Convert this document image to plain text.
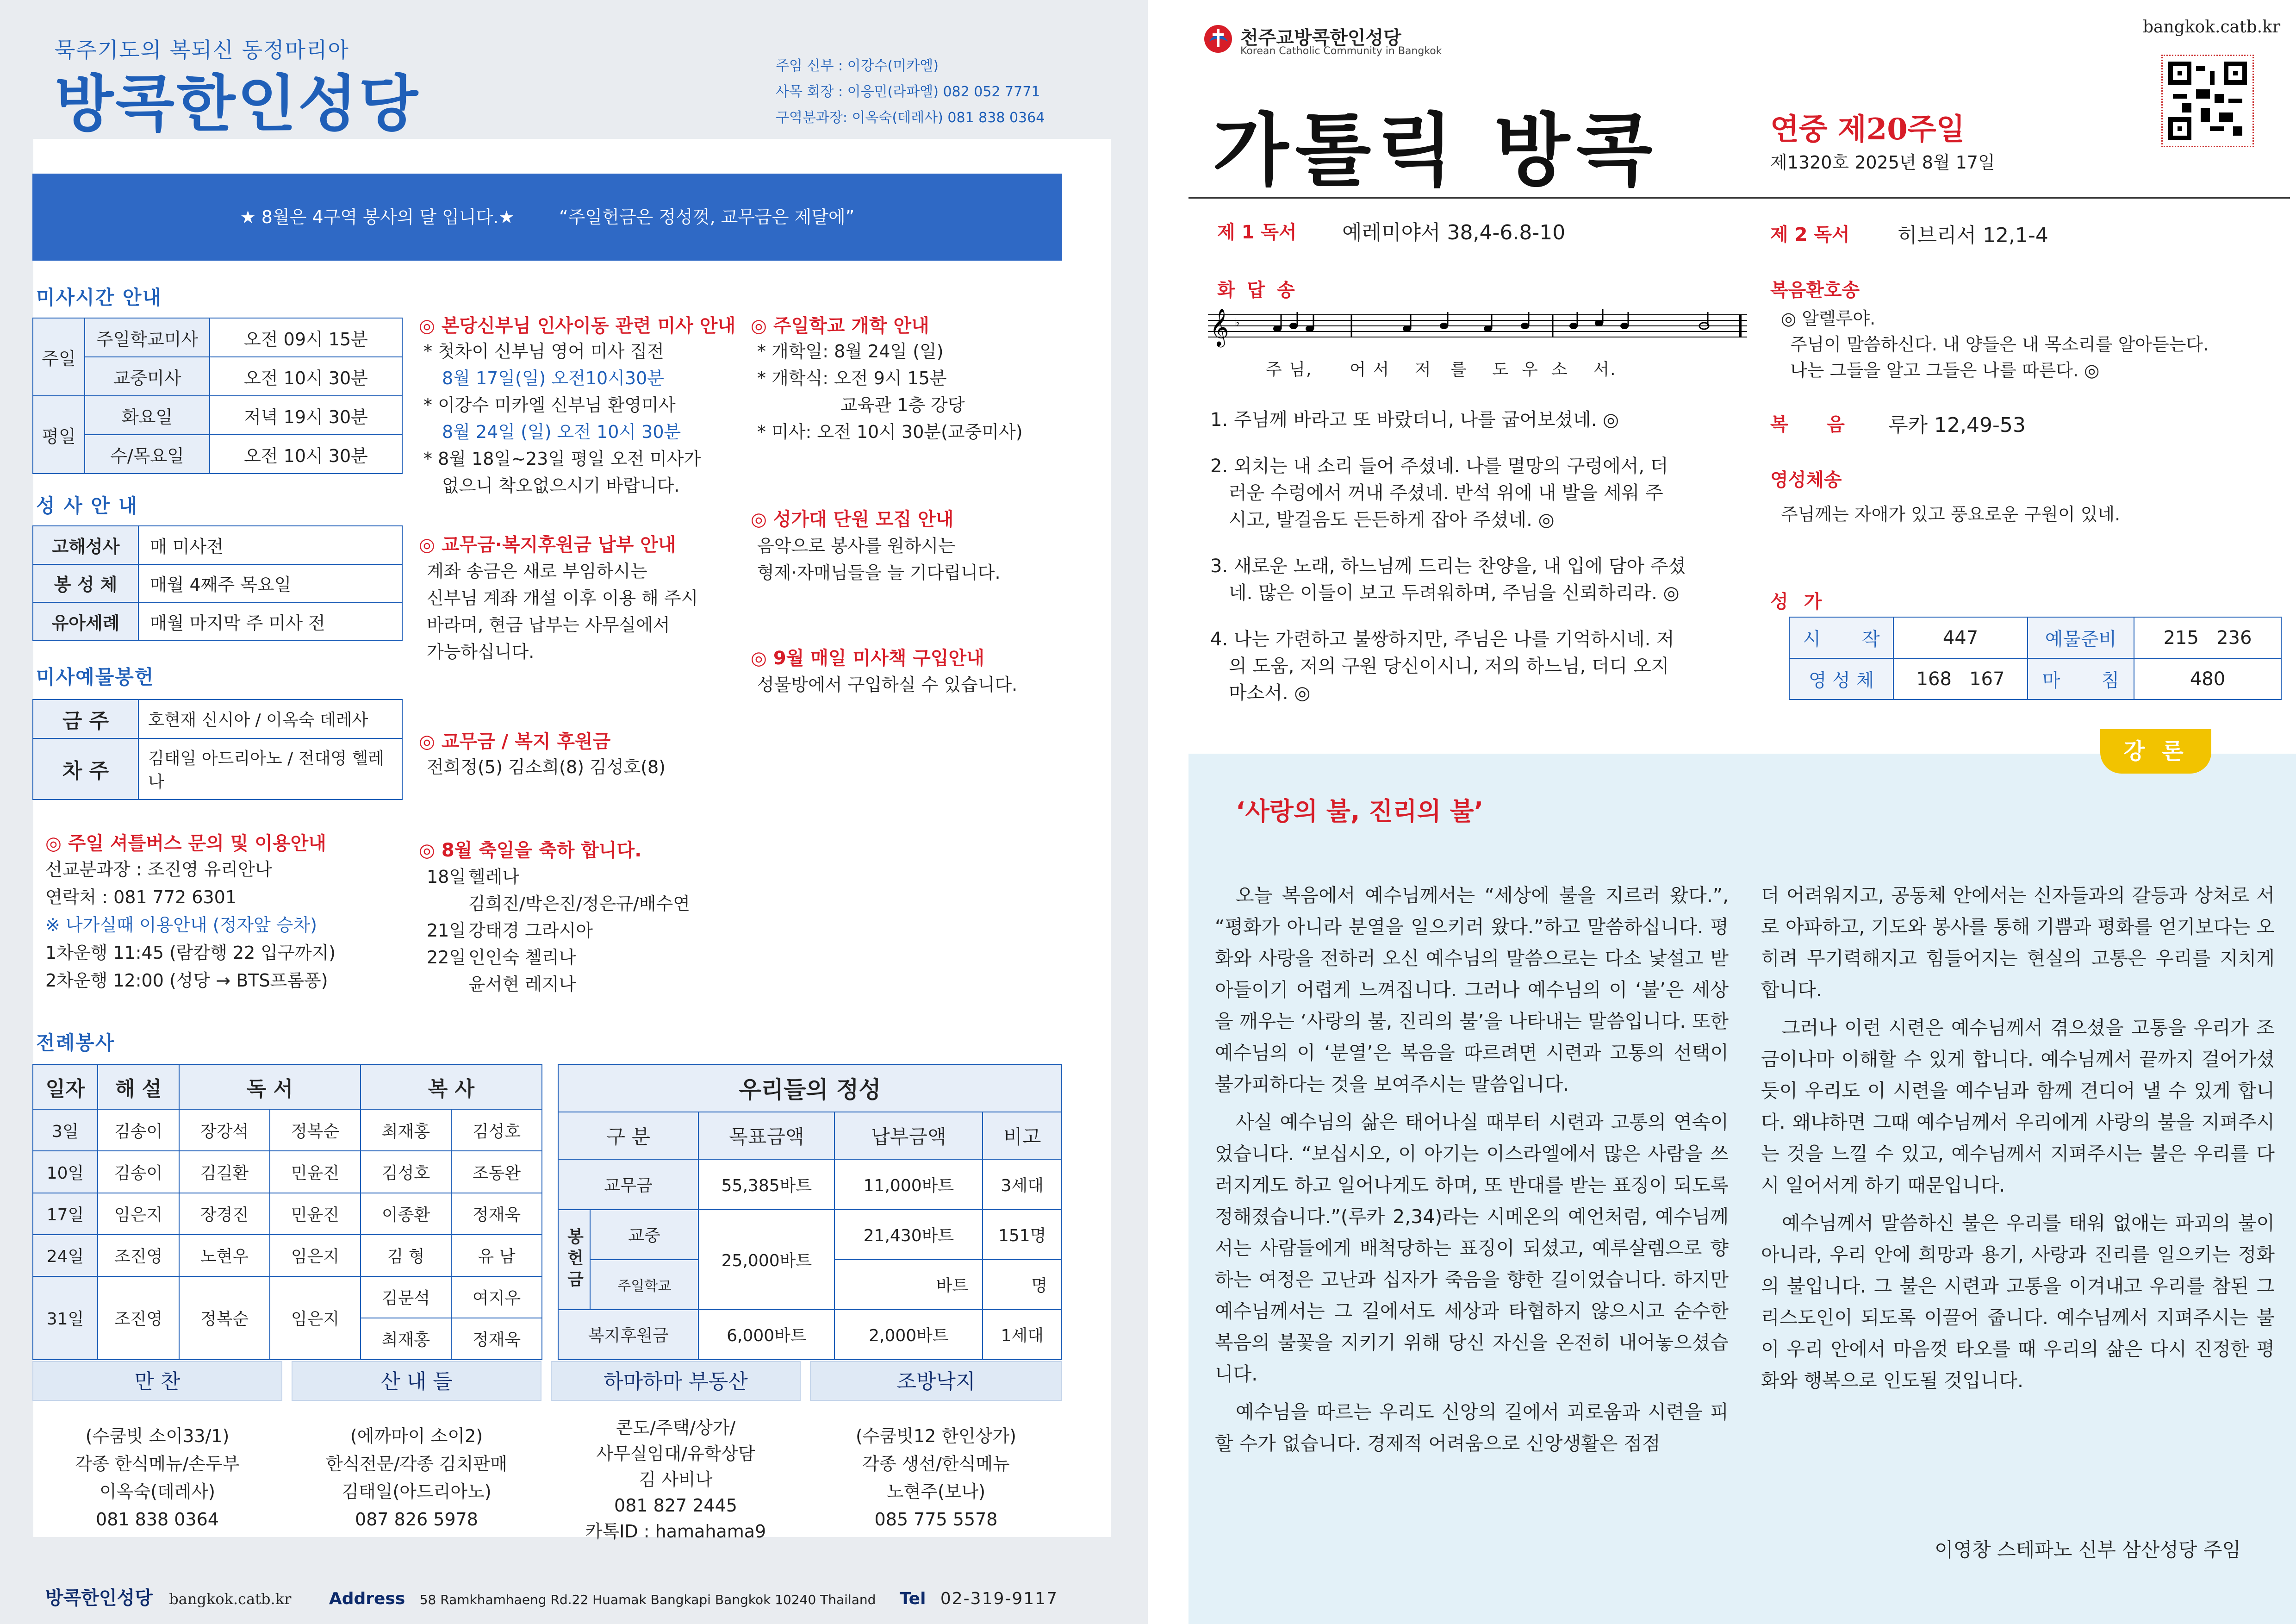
묵주기도의 복되신 동정마리아
방콕한인성당
주임 신부 : 이강수(미카엘)
사목 회장 : 이응민(라파엘) 082 052 7771
구역분과장: 이옥숙(데레사) 081 838 0364
★ 8월은 4구역 봉사의 달 입니다.★        “주일헌금은 정성껏, 교무금은 제달에”
미사시간 안내
주일	주일학교미사	오전 09시 15분
	교중미사	오전 10시 30분
평일	화요일	저녁 19시 30분
	수/목요일	오전 10시 30분
성 사 안 내
고해성사	매 미사전
봉 성 체	매월 4째주 목요일
유아세례	매월 마지막 주 미사 전
미사예물봉헌
금 주	호현재 신시아 / 이옥숙 데레사
차 주	김태일 아드리아노 / 전대영 헬레나
◎ 주일 셔틀버스 문의 및 이용안내
선교분과장 : 조진영 유리안나
연락처 : 081 772 6301
※ 나가실때 이용안내 (정자앞 승차)
1차운행 11:45 (람캄행 22 입구까지)
2차운행 12:00 (성당 → BTS프롬퐁)
◎ 본당신부님 인사이동 관련 미사 안내
* 첫차이 신부님 영어 미사 집전
8월 17일(일) 오전10시30분
* 이강수 미카엘 신부님 환영미사
8월 24일 (일) 오전 10시 30분
* 8월 18일~23일 평일 오전 미사가
없으니 착오없으시기 바랍니다.
◎ 교무금·복지후원금 납부 안내
계좌 송금은 새로 부임하시는
신부님 계좌 개설 이후 이용 해 주시
바라며, 현금 납부는 사무실에서
가능하십니다.
◎ 교무금 / 복지 후원금
전희정(5) 김소희(8) 김성호(8)
◎ 8월 축일을 축하 합니다.
18일 헬레나
김희진/박은진/정은규/배수연
21일 강태경 그라시아
22일 인인숙 첼리나
윤서현 레지나
◎ 주일학교 개학 안내
* 개학일: 8월 24일 (일)
* 개학식: 오전 9시 15분
교육관 1층 강당
* 미사: 오전 10시 30분(교중미사)
◎ 성가대 단원 모집 안내
음악으로 봉사를 원하시는
형제·자매님들을 늘 기다립니다.
◎ 9월 매일 미사책 구입안내
성물방에서 구입하실 수 있습니다.
전례봉사
일자	해 설	독 서		복 사	
3일	김송이	장강석	정복순	최재홍	김성호
10일	김송이	김길환	민윤진	김성호	조동완
17일	임은지	장경진	민윤진	이종환	정재욱
24일	조진영	노현우	임은지	김 형	유 남
31일	조진영	정복순	임은지	김문석	여지우
				최재홍	정재욱
우리들의 정성				
구 분		목표금액	납부금액	비고
교무금		55,385바트	11,000바트	3세대
봉헌금	교중	25,000바트	21,430바트	151명
	주일학교		바트	명
복지후원금		6,000바트	2,000바트	1세대
만 찬
(수쿰빗 소이33/1)
각종 한식메뉴/손두부
이옥숙(데레사)
081 838 0364
산 내 들
(에까마이 소이2)
한식전문/각종 김치판매
김태일(아드리아노)
087 826 5978
하마하마 부동산
콘도/주택/상가/
사무실임대/유학상담
김 사비나
081 827 2445
카톡ID : hamahama9
조방낙지
(수쿰빗12 한인상가)
각종 생선/한식메뉴
노현주(보나)
085 775 5578
방콕한인성당 bangkok.catb.kr Address 58 Ramkhamhaeng Rd.22 Huamak Bangkapi Bangkok 10240 Thailand Tel 02-319-9117
천주교방콕한인성당
Korean Catholic Community in Bangkok
bangkok.catb.kr
가톨릭 방콕	연중 제20주일
제1320호 2025년 8월 17일
제 1 독서 예레미야서 38,4-6.8-10	제 2 독서 히브리서 12,1-4
화 답 송
𝄞 ♭
주 님,      어 서    저   를    도  우  소    서.
1. 주님께 바라고 또 바랐더니, 나를 굽어보셨네. ◎
2. 외치는 내 소리 들어 주셨네. 나를 멸망의 구렁에서, 더
러운 수렁에서 꺼내 주셨네. 반석 위에 내 발을 세워 주
시고, 발걸음도 든든하게 잡아 주셨네. ◎
3. 새로운 노래, 하느님께 드리는 찬양을, 내 입에 담아 주셨
네. 많은 이들이 보고 두려워하며, 주님을 신뢰하리라. ◎
4. 나는 가련하고 불쌍하지만, 주님은 나를 기억하시네. 저
의 도움, 저의 구원 당신이시니, 저의 하느님, 더디 오지
마소서. ◎
복음환호송
◎ 알렐루야.
주님이 말씀하신다. 내 양들은 내 목소리를 알아듣는다.
나는 그들을 알고 그들은 나를 따른다. ◎
복      음 루카 12,49-53
영성체송
주님께는 자애가 있고 풍요로운 구원이 있네.
성 가
시       작	447	예물준비	215   236
영 성 체	168   167	마       침	480
강 론
‘사랑의 불, 진리의 불’

오늘 복음에서 예수님께서는 “세상에 불을 지르러 왔다.”, “평화가 아니라 분열을 일으키러 왔다.”하고 말씀하십니다. 평화와 사랑을 전하러 오신 예수님의 말씀으로는 다소 낯설고 받아들이기 어렵게 느껴집니다. 그러나 예수님의 이 ‘불’은 세상을 깨우는 ‘사랑의 불, 진리의 불’을 나타내는 말씀입니다. 또한 예수님의 이 ‘분열’은 복음을 따르려면 시련과 고통의 선택이 불가피하다는 것을 보여주시는 말씀입니다.

사실 예수님의 삶은 태어나실 때부터 시련과 고통의 연속이었습니다. “보십시오, 이 아기는 이스라엘에서 많은 사람을 쓰러지게도 하고 일어나게도 하며, 또 반대를 받는 표징이 되도록 정해졌습니다.”(루카 2,34)라는 시메온의 예언처럼, 예수님께서는 사람들에게 배척당하는 표징이 되셨고, 예루살렘으로 향하는 여정은 고난과 십자가 죽음을 향한 길이었습니다. 하지만 예수님께서는 그 길에서도 세상과 타협하지 않으시고 순수한 복음의 불꽃을 지키기 위해 당신 자신을 온전히 내어놓으셨습니다.

예수님을 따르는 우리도 신앙의 길에서 괴로움과 시련을 피할 수가 없습니다. 경제적 어려움으로 신앙생활은 점점

더 어려워지고, 공동체 안에서는 신자들과의 갈등과 상처로 서로 아파하고, 기도와 봉사를 통해 기쁨과 평화를 얻기보다는 오히려 무기력해지고 힘들어지는 현실의 고통은 우리를 지치게 합니다.

그러나 이런 시련은 예수님께서 겪으셨을 고통을 우리가 조금이나마 이해할 수 있게 합니다. 예수님께서 끝까지 걸어가셨듯이 우리도 이 시련을 예수님과 함께 견디어 낼 수 있게 합니다. 왜냐하면 그때 예수님께서 우리에게 사랑의 불을 지펴주시는 것을 느낄 수 있고, 예수님께서 지펴주시는 불은 우리를 다시 일어서게 하기 때문입니다.

예수님께서 말씀하신 불은 우리를 태워 없애는 파괴의 불이 아니라, 우리 안에 희망과 용기, 사랑과 진리를 일으키는 정화의 불입니다. 그 불은 시련과 고통을 이겨내고 우리를 참된 그리스도인이 되도록 이끌어 줍니다. 예수님께서 지펴주시는 불이 우리 안에서 마음껏 타오를 때 우리의 삶은 다시 진정한 평화와 행복으로 인도될 것입니다.

이영창 스테파노 신부 삼산성당 주임
